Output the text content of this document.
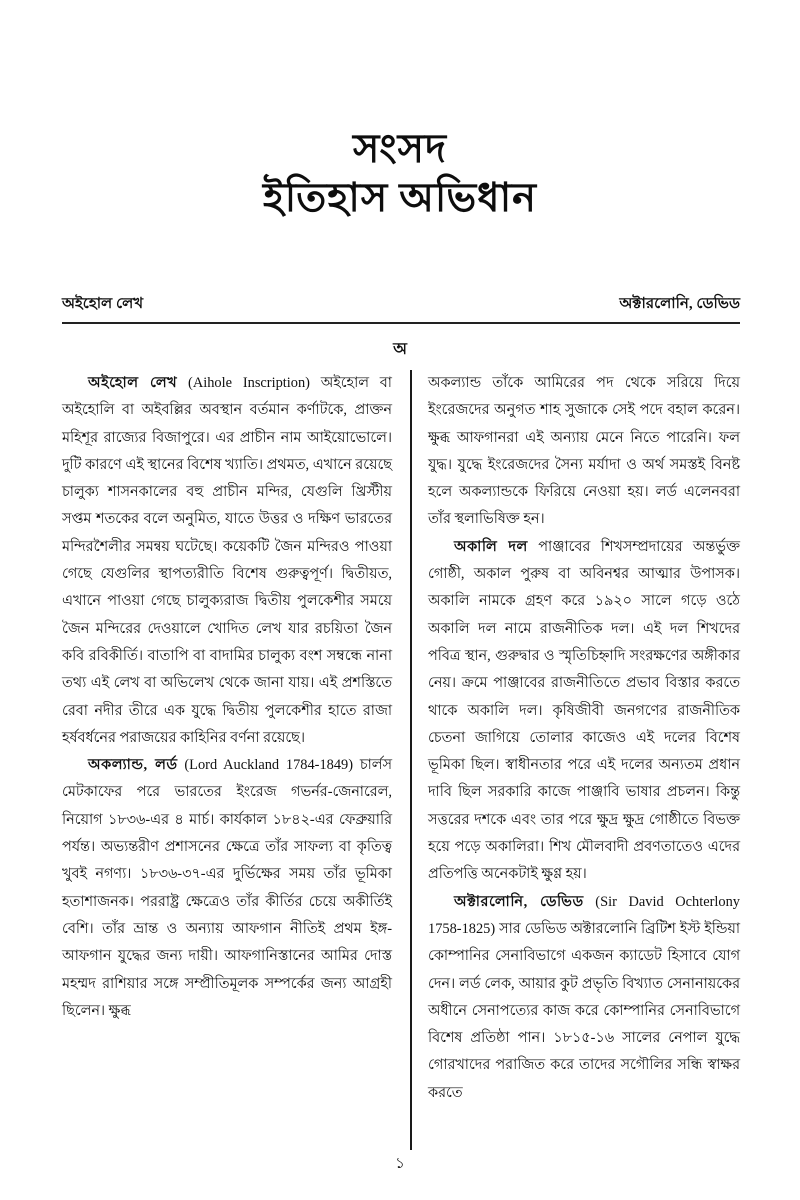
সংসদ
ইতিহাস অভিধান
অইহোল লেখ	অক্টারলোনি, ডেভিড
অ

অইহোল লেখ (Aihole Inscription) অইহোল বা অইহোলি বা অইবল্লির অবস্থান বর্তমান কর্ণাটকে, প্রাক্তন মহিশূর রাজ্যের বিজাপুরে। এর প্রাচীন নাম আইয়োভোলে। দুটি কারণে এই স্থানের বিশেষ খ্যাতি। প্রথমত, এখানে রয়েছে চালুক্য শাসনকালের বহু প্রাচীন মন্দির, যেগুলি খ্রিস্টীয় সপ্তম শতকের বলে অনুমিত, যাতে উত্তর ও দক্ষিণ ভারতের মন্দিরশৈলীর সমন্বয় ঘটেছে। কয়েকটি জৈন মন্দিরও পাওয়া গেছে যেগুলির স্থাপত্যরীতি বিশেষ গুরুত্বপূর্ণ। দ্বিতীয়ত, এখানে পাওয়া গেছে চালুক্যরাজ দ্বিতীয় পুলকেশীর সময়ে জৈন মন্দিরের দেওয়ালে খোদিত লেখ যার রচয়িতা জৈন কবি রবিকীর্তি। বাতাপি বা বাদামির চালুক্য বংশ সম্বন্ধে নানা তথ্য এই লেখ বা অভিলেখ থেকে জানা যায়। এই প্রশস্তিতে রেবা নদীর তীরে এক যুদ্ধে দ্বিতীয় পুলকেশীর হাতে রাজা হর্ষবর্ধনের পরাজয়ের কাহিনির বর্ণনা রয়েছে।

অকল্যান্ড, লর্ড (Lord Auckland 1784-1849) চার্লস মেটকাফের পরে ভারতের ইংরেজ গভর্নর-জেনারেল, নিয়োগ ১৮৩৬-এর ৪ মার্চ। কার্যকাল ১৮৪২-এর ফেব্রুয়ারি পর্যন্ত। অভ্যন্তরীণ প্রশাসনের ক্ষেত্রে তাঁর সাফল্য বা কৃতিত্ব খুবই নগণ্য। ১৮৩৬-৩৭-এর দুর্ভিক্ষের সময় তাঁর ভূমিকা হতাশাজনক। পররাষ্ট্র ক্ষেত্রেও তাঁর কীর্তির চেয়ে অকীর্তিই বেশি। তাঁর ভ্রান্ত ও অন্যায় আফগান নীতিই প্রথম ইঙ্গ-আফগান যুদ্ধের জন্য দায়ী। আফগানিস্তানের আমির দোস্ত মহম্মদ রাশিয়ার সঙ্গে সম্প্রীতিমূলক সম্পর্কের জন্য আগ্রহী ছিলেন। ক্ষুব্ধ

অকল্যান্ড তাঁকে আমিরের পদ থেকে সরিয়ে দিয়ে ইংরেজদের অনুগত শাহ সুজাকে সেই পদে বহাল করেন। ক্ষুব্ধ আফগানরা এই অন্যায় মেনে নিতে পারেনি। ফল যুদ্ধ। যুদ্ধে ইংরেজদের সৈন্য মর্যাদা ও অর্থ সমস্তই বিনষ্ট হলে অকল্যান্ডকে ফিরিয়ে নেওয়া হয়। লর্ড এলেনবরা তাঁর স্থলাভিষিক্ত হন।

অকালি দল পাঞ্জাবের শিখসম্প্রদায়ের অন্তর্ভুক্ত গোষ্ঠী, অকাল পুরুষ বা অবিনশ্বর আত্মার উপাসক। অকালি নামকে গ্রহণ করে ১৯২০ সালে গড়ে ওঠে অকালি দল নামে রাজনীতিক দল। এই দল শিখদের পবিত্র স্থান, গুরুদ্বার ও স্মৃতিচিহ্নাদি সংরক্ষণের অঙ্গীকার নেয়। ক্রমে পাঞ্জাবের রাজনীতিতে প্রভাব বিস্তার করতে থাকে অকালি দল। কৃষিজীবী জনগণের রাজনীতিক চেতনা জাগিয়ে তোলার কাজেও এই দলের বিশেষ ভূমিকা ছিল। স্বাধীনতার পরে এই দলের অন্যতম প্রধান দাবি ছিল সরকারি কাজে পাঞ্জাবি ভাষার প্রচলন। কিন্তু সত্তরের দশকে এবং তার পরে ক্ষুদ্র ক্ষুদ্র গোষ্ঠীতে বিভক্ত হয়ে পড়ে অকালিরা। শিখ মৌলবাদী প্রবণতাতেও এদের প্রতিপত্তি অনেকটাই ক্ষুণ্ণ হয়।

অক্টারলোনি, ডেভিড (Sir David Ochterlony 1758-1825) সার ডেভিড অক্টারলোনি ব্রিটিশ ইস্ট ইন্ডিয়া কোম্পানির সেনাবিভাগে একজন ক্যাডেট হিসাবে যোগ দেন। লর্ড লেক, আয়ার কুট প্রভৃতি বিখ্যাত সেনানায়কের অধীনে সেনাপত্যের কাজ করে কোম্পানির সেনাবিভাগে বিশেষ প্রতিষ্ঠা পান। ১৮১৫-১৬ সালের নেপাল যুদ্ধে গোরখাদের পরাজিত করে তাদের সগৌলির সন্ধি স্বাক্ষর করতে

১
